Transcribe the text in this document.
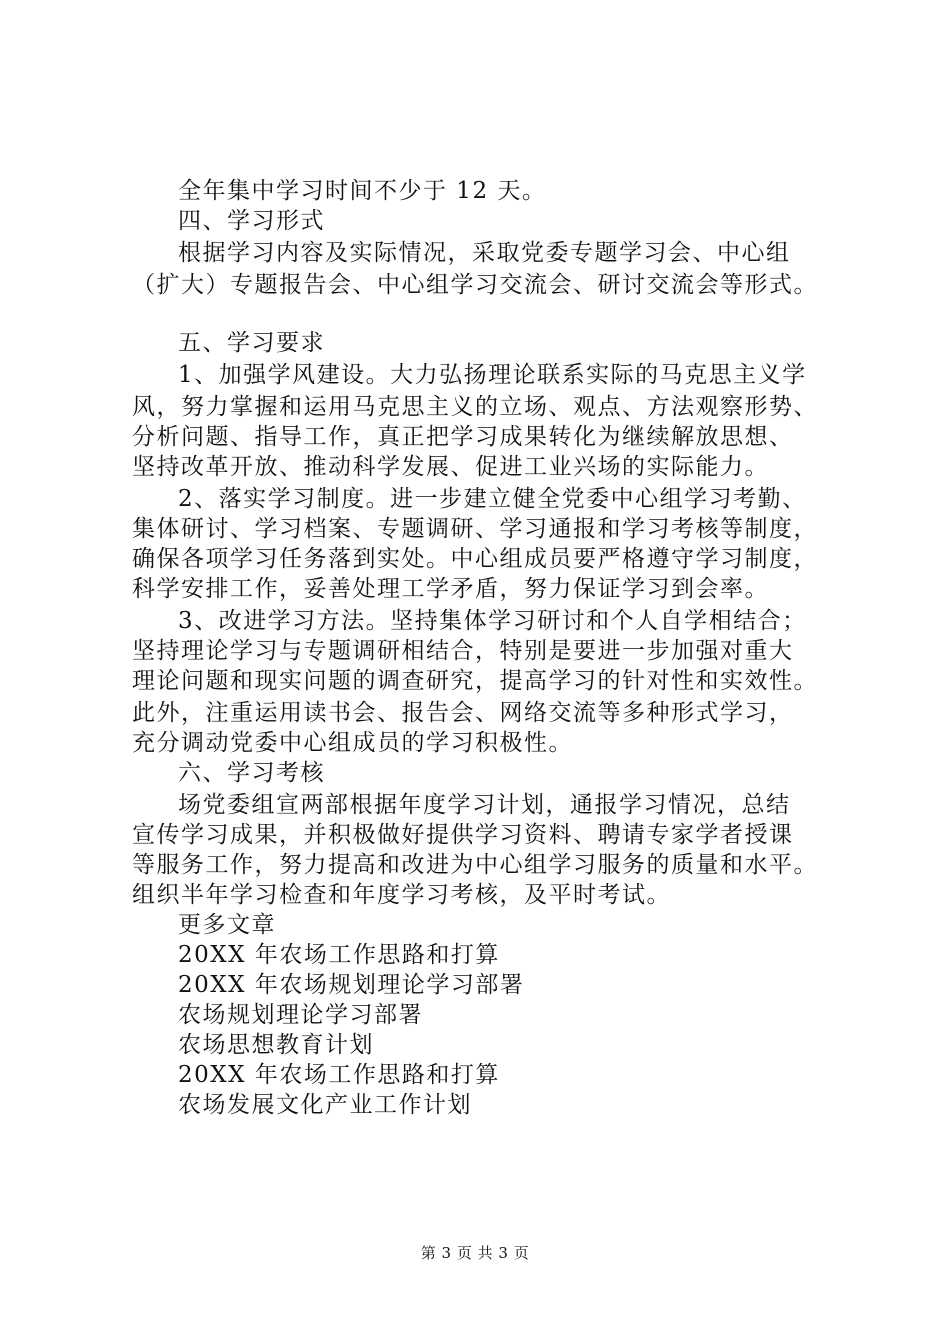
全年集中学习时间不少于 12 天。
四、学习形式
根据学习内容及实际情况，采取党委专题学习会、中心组
（扩大）专题报告会、中心组学习交流会、研讨交流会等形式。
五、学习要求
1、加强学风建设。大力弘扬理论联系实际的马克思主义学
风，努力掌握和运用马克思主义的立场、观点、方法观察形势、
分析问题、指导工作，真正把学习成果转化为继续解放思想、
坚持改革开放、推动科学发展、促进工业兴场的实际能力。
2、落实学习制度。进一步建立健全党委中心组学习考勤、
集体研讨、学习档案、专题调研、学习通报和学习考核等制度，
确保各项学习任务落到实处。中心组成员要严格遵守学习制度，
科学安排工作，妥善处理工学矛盾，努力保证学习到会率。
3、改进学习方法。坚持集体学习研讨和个人自学相结合；
坚持理论学习与专题调研相结合，特别是要进一步加强对重大
理论问题和现实问题的调查研究，提高学习的针对性和实效性。
此外，注重运用读书会、报告会、网络交流等多种形式学习，
充分调动党委中心组成员的学习积极性。
六、学习考核
场党委组宣两部根据年度学习计划，通报学习情况，总结
宣传学习成果，并积极做好提供学习资料、聘请专家学者授课
等服务工作，努力提高和改进为中心组学习服务的质量和水平。
组织半年学习检查和年度学习考核，及平时考试。
更多文章
20XX 年农场工作思路和打算
20XX 年农场规划理论学习部署
农场规划理论学习部署
农场思想教育计划
20XX 年农场工作思路和打算
农场发展文化产业工作计划
第 3 页 共 3 页
